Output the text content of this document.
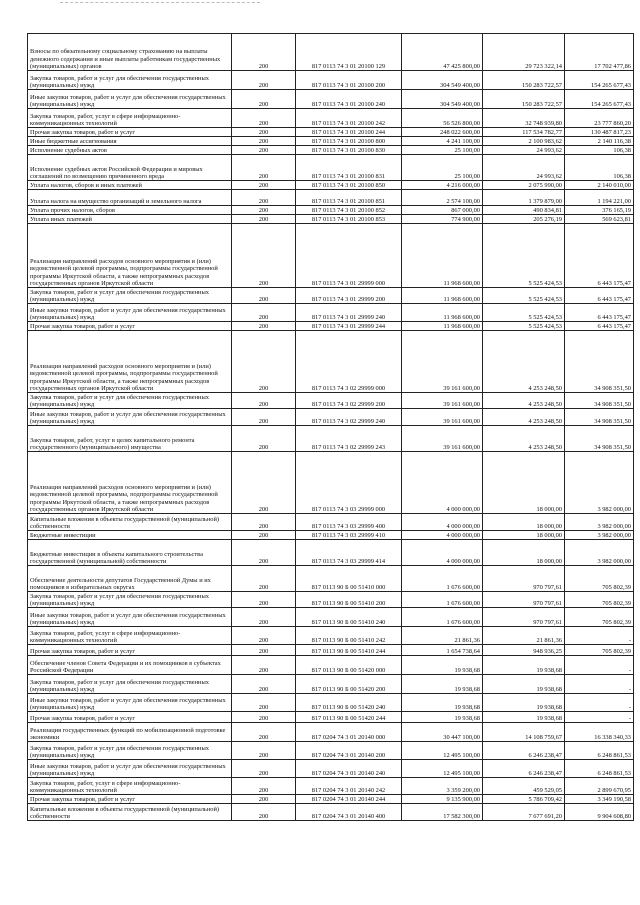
Взносы по обязательному социальному страхованию на выплаты денежного содержания и иные выплаты работникам государственных (муниципальных) органов	200	817 0113 74 3 01 20100 129	47 425 800,00	29 723 322,14	17 702 477,86
Закупка товаров, работ и услуг для обеспечения государственных (муниципальных) нужд	200	817 0113 74 3 01 20100 200	304 549 400,00	150 283 722,57	154 265 677,43
Иные закупки товаров, работ и услуг для обеспечения государственных (муниципальных) нужд	200	817 0113 74 3 01 20100 240	304 549 400,00	150 283 722,57	154 265 677,43
Закупка товаров, работ, услуг в сфере информационно-коммуникационных технологий	200	817 0113 74 3 01 20100 242	56 526 800,00	32 748 939,80	23 777 860,20
Прочая закупка товаров, работ и услуг	200	817 0113 74 3 01 20100 244	248 022 600,00	117 534 782,77	130 487 817,23
Иные бюджетные ассигнования	200	817 0113 74 3 01 20100 800	4 241 100,00	2 100 983,62	2 140 116,38
Исполнение судебных актов	200	817 0113 74 3 01 20100 830	25 100,00	24 993,62	106,38
Исполнение судебных актов Российской Федерации и мировых соглашений по возмещению причиненного вреда	200	817 0113 74 3 01 20100 831	25 100,00	24 993,62	106,38
Уплата налогов, сборов и иных платежей	200	817 0113 74 3 01 20100 850	4 216 000,00	2 075 990,00	2 140 010,00
Уплата налога на имущество организаций и земельного налога	200	817 0113 74 3 01 20100 851	2 574 100,00	1 379 879,00	1 194 221,00
Уплата прочих налогов, сборов	200	817 0113 74 3 01 20100 852	867 000,00	490 834,81	376 165,19
Уплата иных платежей	200	817 0113 74 3 01 20100 853	774 900,00	205 276,19	569 623,81
Реализация направлений расходов основного мероприятия и (или) ведомственной целевой программы, подпрограммы государственной программы Иркутской области, а также непрограммных расходов государственных органов Иркутской области	200	817 0113 74 3 01 29999 000	11 968 600,00	5 525 424,53	6 443 175,47
Закупка товаров, работ и услуг для обеспечения государственных (муниципальных) нужд	200	817 0113 74 3 01 29999 200	11 968 600,00	5 525 424,53	6 443 175,47
Иные закупки товаров, работ и услуг для обеспечения государственных (муниципальных) нужд	200	817 0113 74 3 01 29999 240	11 968 600,00	5 525 424,53	6 443 175,47
Прочая закупка товаров, работ и услуг	200	817 0113 74 3 01 29999 244	11 968 600,00	5 525 424,53	6 443 175,47
Реализация направлений расходов основного мероприятия и (или) ведомственной целевой программы, подпрограммы государственной программы Иркутской области, а также непрограммных расходов государственных органов Иркутской области	200	817 0113 74 3 02 29999 000	39 161 600,00	4 253 248,50	34 908 351,50
Закупка товаров, работ и услуг для обеспечения государственных (муниципальных) нужд	200	817 0113 74 3 02 29999 200	39 161 600,00	4 253 248,50	34 908 351,50
Иные закупки товаров, работ и услуг для обеспечения государственных (муниципальных) нужд	200	817 0113 74 3 02 29999 240	39 161 600,00	4 253 248,50	34 908 351,50
Закупка товаров, работ, услуг в целях капитального ремонта государственного (муниципального) имущества	200	817 0113 74 3 02 29999 243	39 161 600,00	4 253 248,50	34 908 351,50
Реализация направлений расходов основного мероприятия и (или) ведомственной целевой программы, подпрограммы государственной программы Иркутской области, а также непрограммных расходов государственных органов Иркутской области	200	817 0113 74 3 03 29999 000	4 000 000,00	18 000,00	3 982 000,00
Капитальные вложения в объекты государственной (муниципальной) собственности	200	817 0113 74 3 03 29999 400	4 000 000,00	18 000,00	3 982 000,00
Бюджетные инвестиции	200	817 0113 74 3 03 29999 410	4 000 000,00	18 000,00	3 982 000,00
Бюджетные инвестиции в объекты капитального строительства государственной (муниципальной) собственности	200	817 0113 74 3 03 29999 414	4 000 000,00	18 000,00	3 982 000,00
Обеспечение деятельности депутатов Государственной Думы и их помощников в избирательных округах	200	817 0113 90 Б 00 51410 000	1 676 600,00	970 797,61	705 802,39
Закупка товаров, работ и услуг для обеспечения государственных (муниципальных) нужд	200	817 0113 90 Б 00 51410 200	1 676 600,00	970 797,61	705 802,39
Иные закупки товаров, работ и услуг для обеспечения государственных (муниципальных) нужд	200	817 0113 90 Б 00 51410 240	1 676 600,00	970 797,61	705 802,39
Закупка товаров, работ, услуг в сфере информационно-коммуникационных технологий	200	817 0113 90 Б 00 51410 242	21 861,36	21 861,36	-
Прочая закупка товаров, работ и услуг	200	817 0113 90 Б 00 51410 244	1 654 738,64	948 936,25	705 802,39
Обеспечение членов Совета Федерации и их помощников в субъектах Российской Федерации	200	817 0113 90 Б 00 51420 000	19 938,68	19 938,68	-
Закупка товаров, работ и услуг для обеспечения государственных (муниципальных) нужд	200	817 0113 90 Б 00 51420 200	19 938,68	19 938,68	-
Иные закупки товаров, работ и услуг для обеспечения государственных (муниципальных) нужд	200	817 0113 90 Б 00 51420 240	19 938,68	19 938,68	-
Прочая закупка товаров, работ и услуг	200	817 0113 90 Б 00 51420 244	19 938,68	19 938,68	-
Реализация государственных функций по мобилизационной подготовке экономики	200	817 0204 74 3 01 20140 000	30 447 100,00	14 108 759,67	16 338 340,33
Закупка товаров, работ и услуг для обеспечения государственных (муниципальных) нужд	200	817 0204 74 3 01 20140 200	12 495 100,00	6 246 238,47	6 248 861,53
Иные закупки товаров, работ и услуг для обеспечения государственных (муниципальных) нужд	200	817 0204 74 3 01 20140 240	12 495 100,00	6 246 238,47	6 248 861,53
Закупка товаров, работ, услуг в сфере информационно-коммуникационных технологий	200	817 0204 74 3 01 20140 242	3 359 200,00	459 529,05	2 899 670,95
Прочая закупка товаров, работ и услуг	200	817 0204 74 3 01 20140 244	9 135 900,00	5 786 709,42	3 349 190,58
Капитальные вложения в объекты государственной (муниципальной) собственности	200	817 0204 74 3 01 20140 400	17 582 300,00	7 677 691,20	9 904 608,80
